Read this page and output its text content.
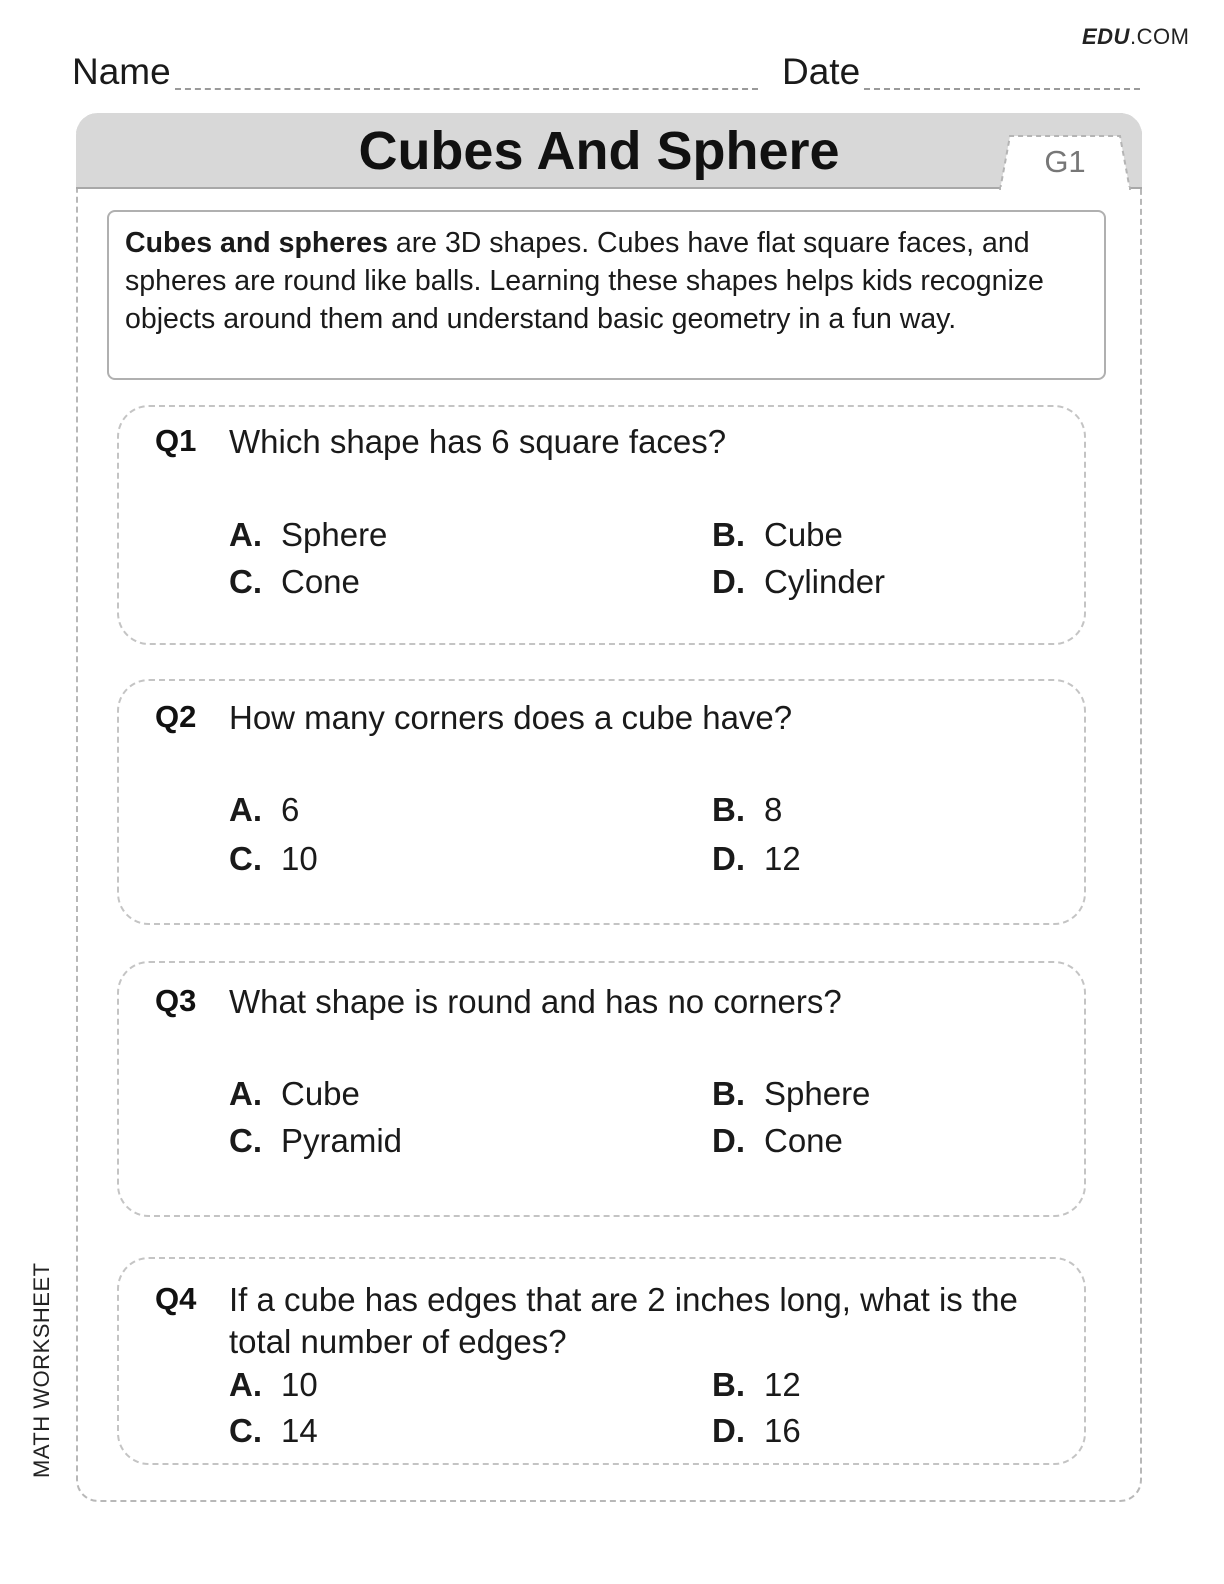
EDU.COM
Name	Date
Cubes And Sphere	G1
Cubes and spheres are 3D shapes. Cubes have flat square faces, and spheres are round like balls. Learning these shapes helps kids recognize objects around them and understand basic geometry in a fun way.
Q1 Which shape has 6 square faces?
A. Sphere	B. Cube
C. Cone	D. Cylinder
Q2 How many corners does a cube have?
A. 6	B. 8
C. 10	D. 12
Q3 What shape is round and has no corners?
A. Cube	B. Sphere
C. Pyramid	D. Cone
Q4 If a cube has edges that are 2 inches long, what is the total number of edges?
A. 10	B. 12
C. 14	D. 16
MATH WORKSHEET
